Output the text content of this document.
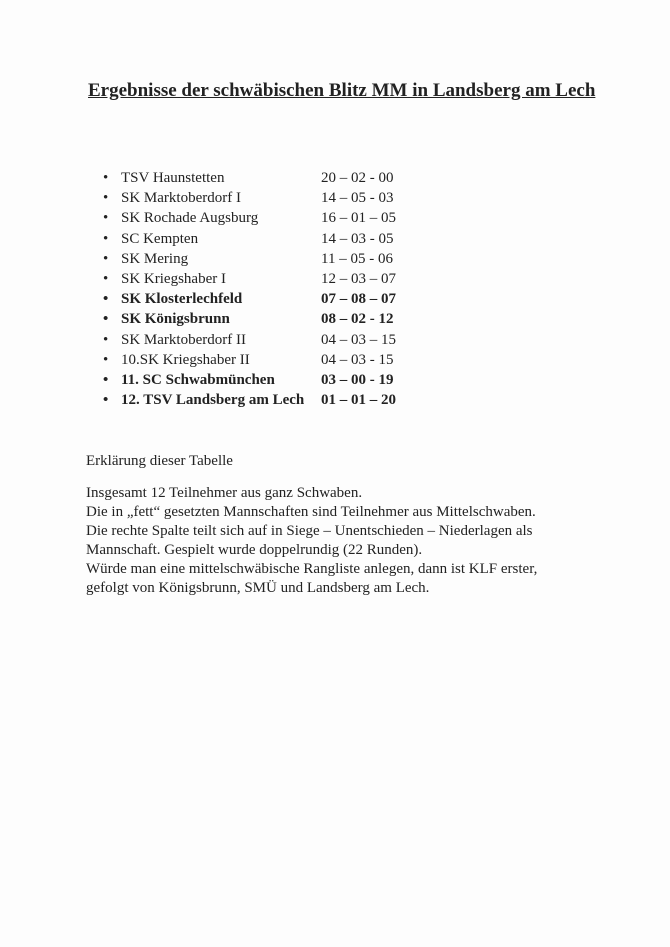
Ergebnisse der schwäbischen Blitz MM in Landsberg am Lech
• TSV Haunstetten	20 – 02 - 00
• SK Marktoberdorf I	14 – 05 - 03
• SK Rochade Augsburg	16 – 01 – 05
• SC Kempten	14 – 03 - 05
• SK Mering	11 – 05 - 06
• SK Kriegshaber I	12 – 03 – 07
• SK Klosterlechfeld	07 – 08 – 07
• SK Königsbrunn	08 – 02 - 12
• SK Marktoberdorf II	04 – 03 – 15
• 10.SK Kriegshaber II	04 – 03 - 15
• 11. SC Schwabmünchen	03 – 00 - 19
• 12. TSV Landsberg am Lech 01 – 01 – 20

Erklärung dieser Tabelle

Insgesamt 12 Teilnehmer aus ganz Schwaben.
Die in „fett“ gesetzten Mannschaften sind Teilnehmer aus Mittelschwaben.
Die rechte Spalte teilt sich auf in Siege – Unentschieden – Niederlagen als
Mannschaft. Gespielt wurde doppelrundig (22 Runden).
Würde man eine mittelschwäbische Rangliste anlegen, dann ist KLF erster,
gefolgt von Königsbrunn, SMÜ und Landsberg am Lech.
